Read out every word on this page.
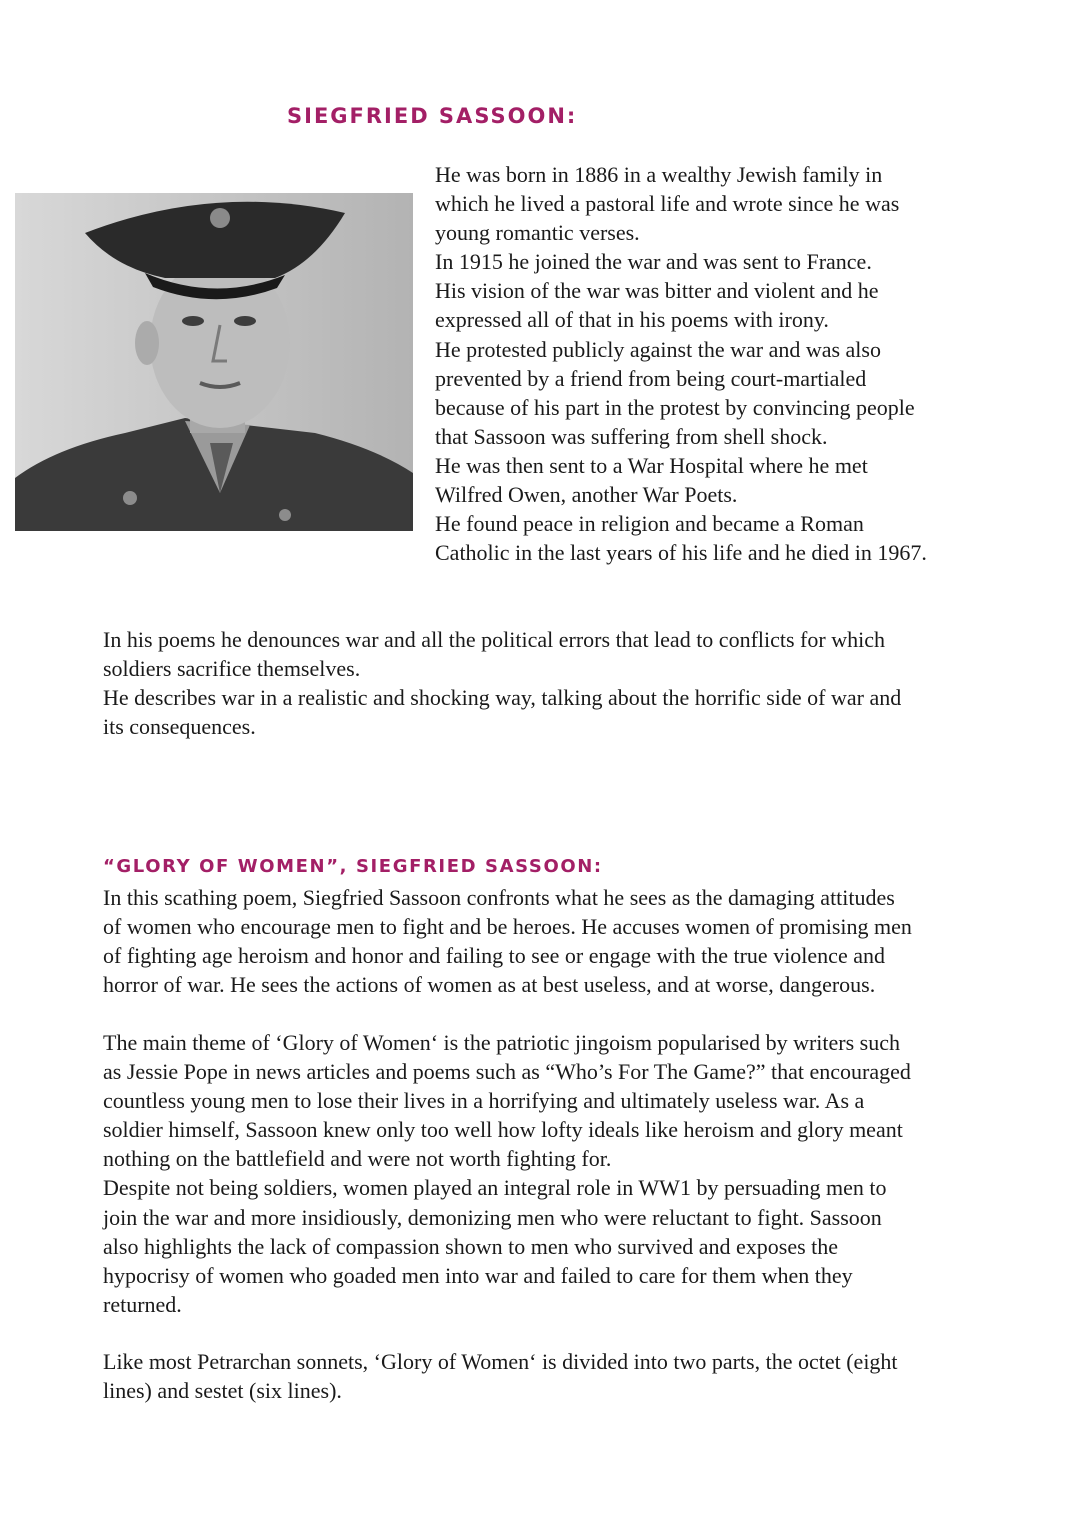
SIEGFRIED SASSOON:

He was born in 1886 in a wealthy Jewish family in
which he lived a pastoral life and wrote since he was
young romantic verses.
In 1915 he joined the war and was sent to France.
His vision of the war was bitter and violent and he
expressed all of that in his poems with irony.
He protested publicly against the war and was also
prevented by a friend from being court-martialed
because of his part in the protest by convincing people
that Sassoon was suffering from shell shock.
He was then sent to a War Hospital where he met
Wilfred Owen, another War Poets.
He found peace in religion and became a Roman
Catholic in the last years of his life and he died in 1967.

In his poems he denounces war and all the political errors that lead to conflicts for which
soldiers sacrifice themselves.
He describes war in a realistic and shocking way, talking about the horrific side of war and
its consequences.

“GLORY OF WOMEN”, SIEGFRIED SASSOON:

In this scathing poem, Siegfried Sassoon confronts what he sees as the damaging attitudes
of women who encourage men to fight and be heroes. He accuses women of promising men
of fighting age heroism and honor and failing to see or engage with the true violence and
horror of war. He sees the actions of women as at best useless, and at worse, dangerous.

The main theme of ‘Glory of Women‘ is the patriotic jingoism popularised by writers such
as Jessie Pope in news articles and poems such as “Who’s For The Game?” that encouraged
countless young men to lose their lives in a horrifying and ultimately useless war. As a
soldier himself, Sassoon knew only too well how lofty ideals like heroism and glory meant
nothing on the battlefield and were not worth fighting for.
Despite not being soldiers, women played an integral role in WW1 by persuading men to
join the war and more insidiously, demonizing men who were reluctant to fight. Sassoon
also highlights the lack of compassion shown to men who survived and exposes the
hypocrisy of women who goaded men into war and failed to care for them when they
returned.

Like most Petrarchan sonnets, ‘Glory of Women‘ is divided into two parts, the octet (eight
lines) and sestet (six lines).
